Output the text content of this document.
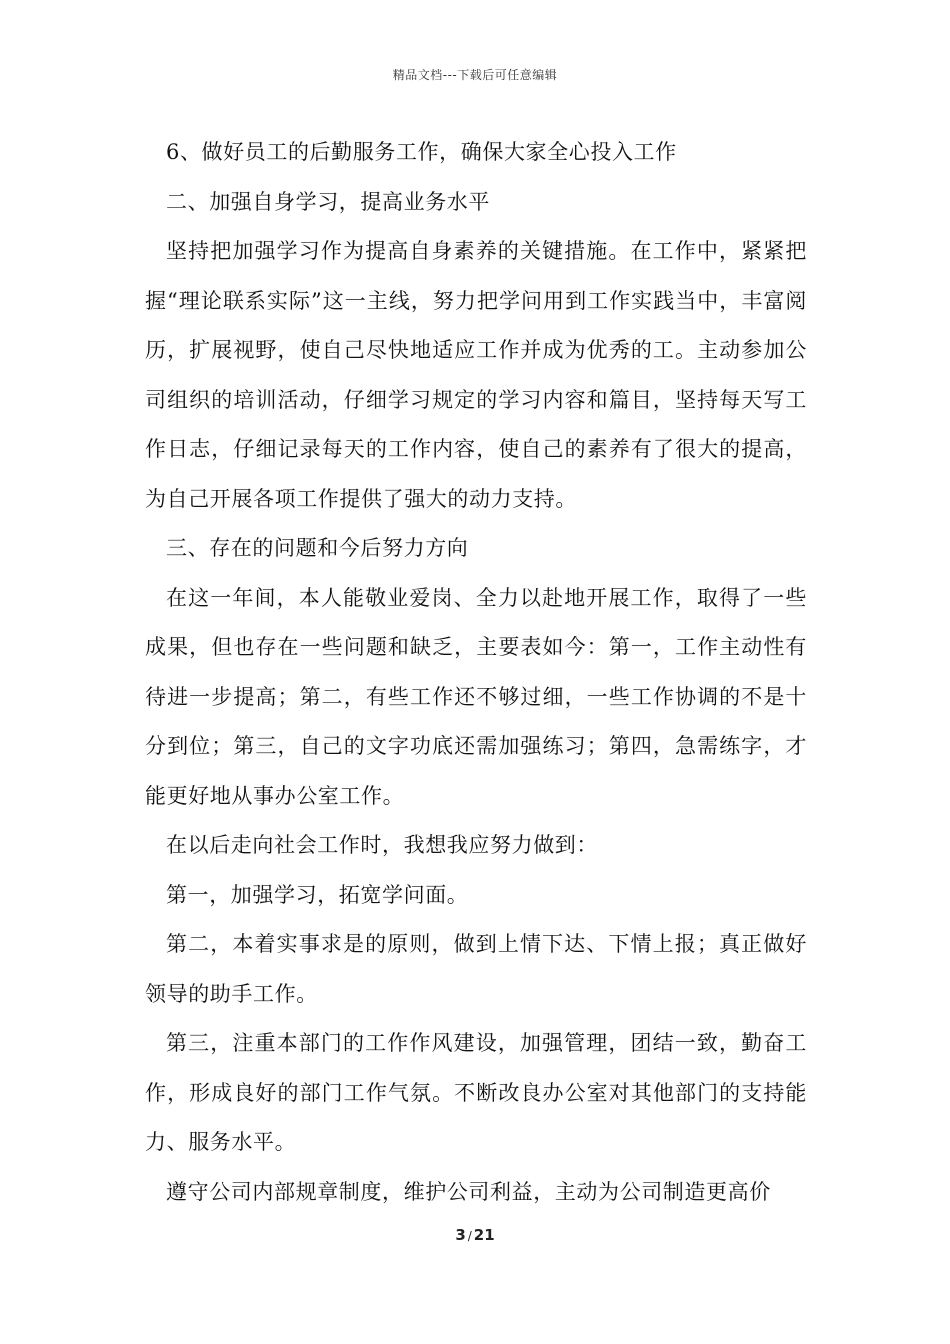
精品文档---下载后可任意编辑

6、做好员工的后勤服务工作，确保大家全心投入工作

二、加强自身学习，提高业务水平

坚持把加强学习作为提高自身素养的关键措施。在工作中，紧紧把握“理论联系实际”这一主线，努力把学问用到工作实践当中，丰富阅历，扩展视野，使自己尽快地适应工作并成为优秀的工。主动参加公司组织的培训活动，仔细学习规定的学习内容和篇目，坚持每天写工作日志，仔细记录每天的工作内容，使自己的素养有了很大的提高，为自己开展各项工作提供了强大的动力支持。

三、存在的问题和今后努力方向

在这一年间，本人能敬业爱岗、全力以赴地开展工作，取得了一些成果，但也存在一些问题和缺乏，主要表如今：第一，工作主动性有待进一步提高；第二，有些工作还不够过细，一些工作协调的不是十分到位；第三，自己的文字功底还需加强练习；第四，急需练字，才能更好地从事办公室工作。

在以后走向社会工作时，我想我应努力做到：

第一，加强学习，拓宽学问面。

第二，本着实事求是的原则，做到上情下达、下情上报；真正做好领导的助手工作。

第三，注重本部门的工作作风建设，加强管理，团结一致，勤奋工作，形成良好的部门工作气氛。不断改良办公室对其他部门的支持能力、服务水平。

遵守公司内部规章制度，维护公司利益，主动为公司制造更高价

3 / 21
